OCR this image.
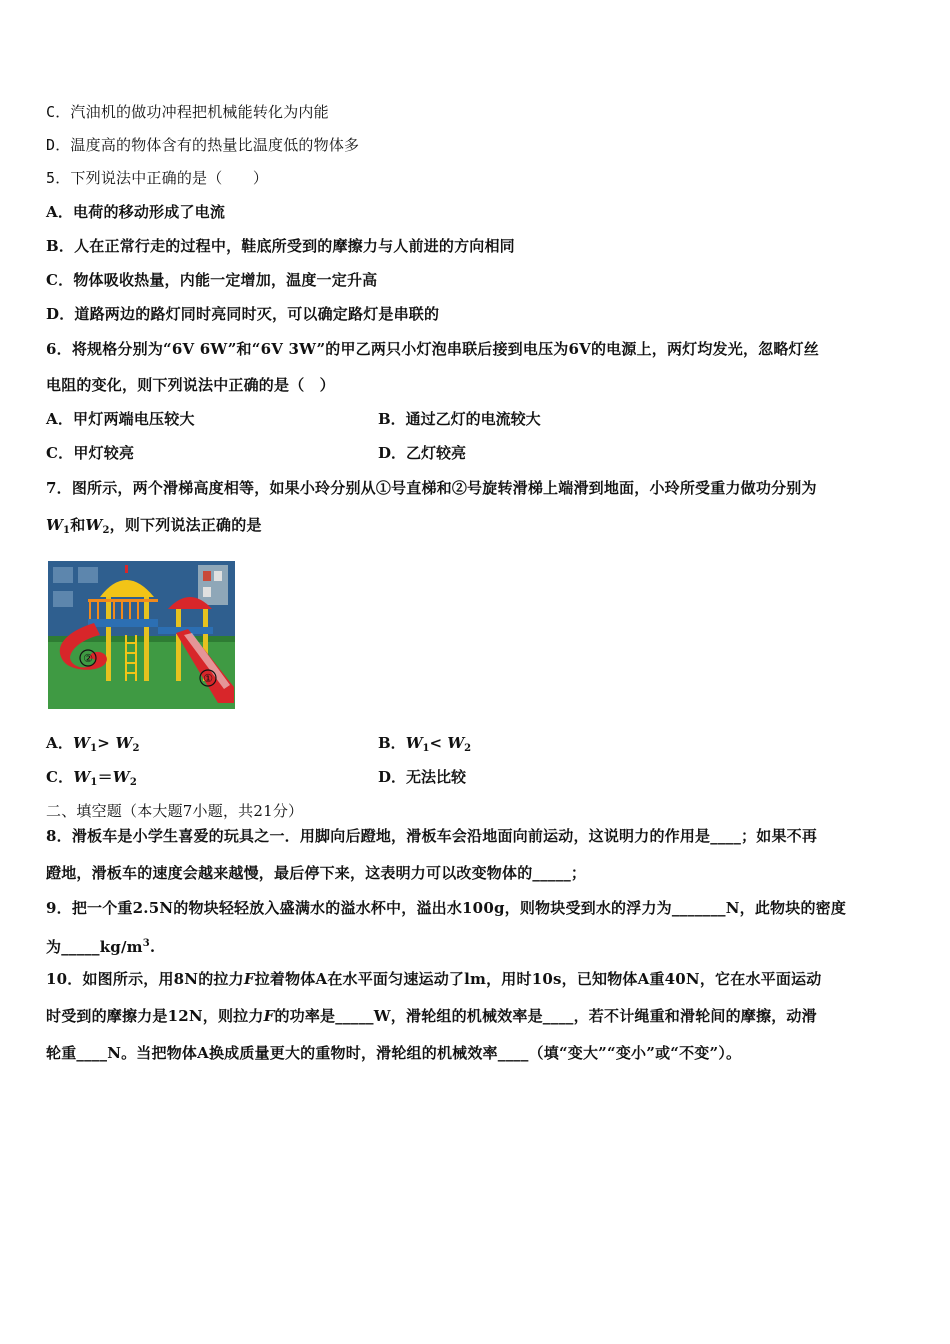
C．汽油机的做功冲程把机械能转化为内能
D．温度高的物体含有的热量比温度低的物体多
5．下列说法中正确的是（　　）
A．电荷的移动形成了电流
B．人在正常行走的过程中，鞋底所受到的摩擦力与人前进的方向相同
C．物体吸收热量，内能一定增加，温度一定升高
D．道路两边的路灯同时亮同时灭，可以确定路灯是串联的
6．将规格分别为“6V 6W”和“6V 3W”的甲乙两只小灯泡串联后接到电压为6V的电源上，两灯均发光，忽略灯丝
电阻的变化，则下列说法中正确的是（　）
A．甲灯两端电压较大	B．通过乙灯的电流较大
C．甲灯较亮	D．乙灯较亮
7．图所示，两个滑梯高度相等，如果小玲分别从①号直梯和②号旋转滑梯上端滑到地面，小玲所受重力做功分别为
$W_1$和$W_2$，则下列说法正确的是
②
①
A．$W_1> W_2$	B．$W_1< W_2$
C．$W_1=W_2$	D．无法比较
二、填空题（本大题7小题，共21分）
8．滑板车是小学生喜爱的玩具之一．用脚向后蹬地，滑板车会沿地面向前运动，这说明力的作用是____；如果不再
蹬地，滑板车的速度会越来越慢，最后停下来，这表明力可以改变物体的_____；
9．把一个重2.5N的物块轻轻放入盛满水的溢水杯中，溢出水100g，则物块受到水的浮力为_______N，此物块的密度
为$\_\_\_\_\_kg/m^3$.
10．如图所示，用8N的拉力F拉着物体A在水平面匀速运动了lm，用时10s，已知物体A重40N，它在水平面运动
时受到的摩擦力是12N，则拉力F的功率是_____W，滑轮组的机械效率是____，若不计绳重和滑轮间的摩擦，动滑
轮重____N。当把物体A换成质量更大的重物时，滑轮组的机械效率____（填“变大”“变小”或“不变”）。
